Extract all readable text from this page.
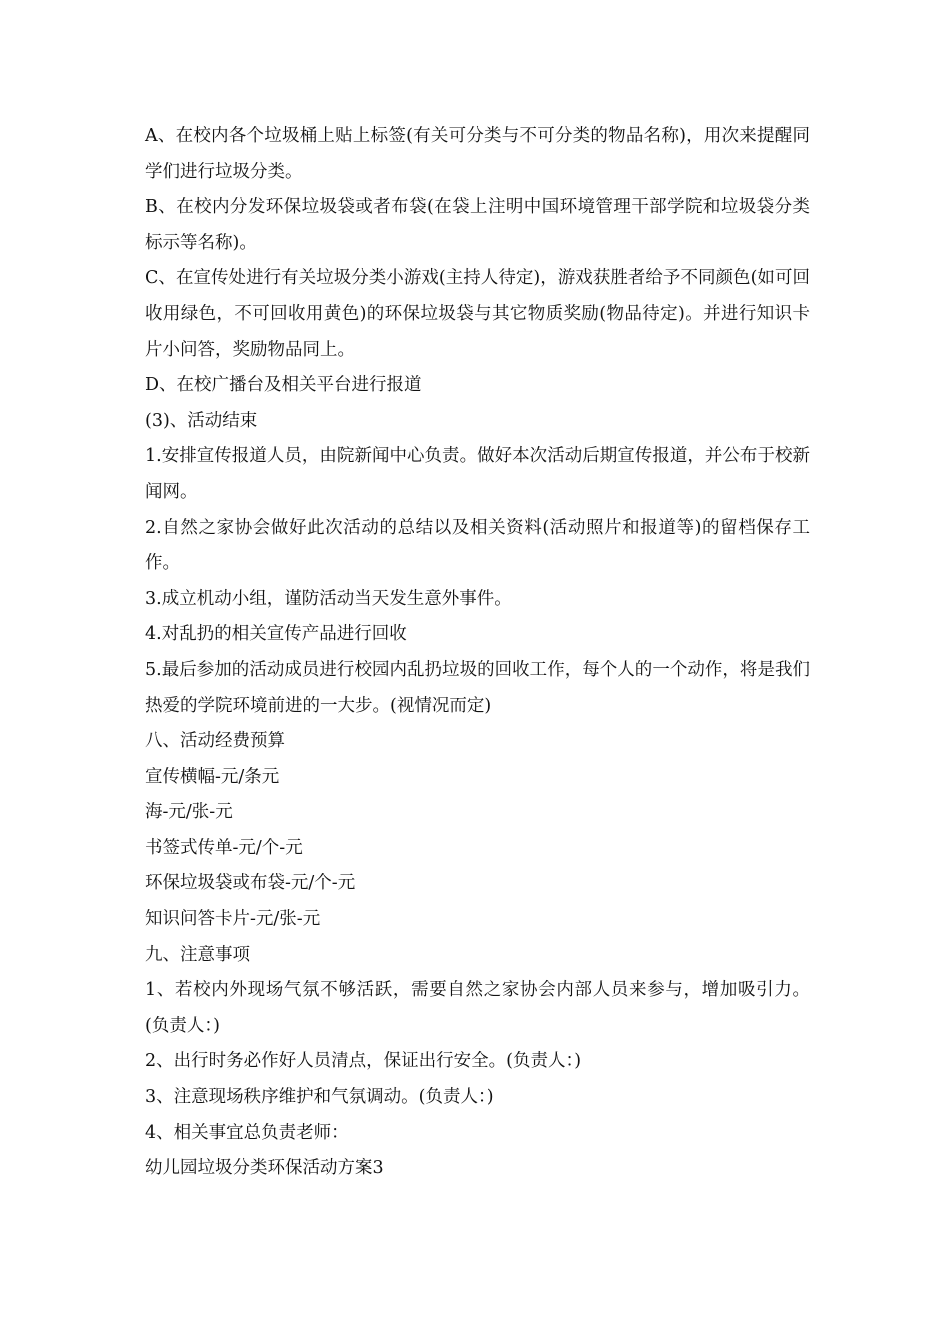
A、在校内各个垃圾桶上贴上标签(有关可分类与不可分类的物品名称)，用次来提醒同学们进行垃圾分类。

B、在校内分发环保垃圾袋或者布袋(在袋上注明中国环境管理干部学院和垃圾袋分类标示等名称)。

C、在宣传处进行有关垃圾分类小游戏(主持人待定)，游戏获胜者给予不同颜色(如可回收用绿色，不可回收用黄色)的环保垃圾袋与其它物质奖励(物品待定)。并进行知识卡片小问答，奖励物品同上。

D、在校广播台及相关平台进行报道

(3)、活动结束

1.安排宣传报道人员，由院新闻中心负责。做好本次活动后期宣传报道，并公布于校新闻网。

2.自然之家协会做好此次活动的总结以及相关资料(活动照片和报道等)的留档保存工作。

3.成立机动小组，谨防活动当天发生意外事件。

4.对乱扔的相关宣传产品进行回收

5.最后参加的活动成员进行校园内乱扔垃圾的回收工作，每个人的一个动作，将是我们热爱的学院环境前进的一大步。(视情况而定)

八、活动经费预算

宣传横幅-元/条元

海-元/张-元

书签式传单-元/个-元

环保垃圾袋或布袋-元/个-元

知识问答卡片-元/张-元

九、注意事项

1、若校内外现场气氛不够活跃，需要自然之家协会内部人员来参与，增加吸引力。(负责人：)

2、出行时务必作好人员清点，保证出行安全。(负责人：)

3、注意现场秩序维护和气氛调动。(负责人：)

4、相关事宜总负责老师：

幼儿园垃圾分类环保活动方案3
